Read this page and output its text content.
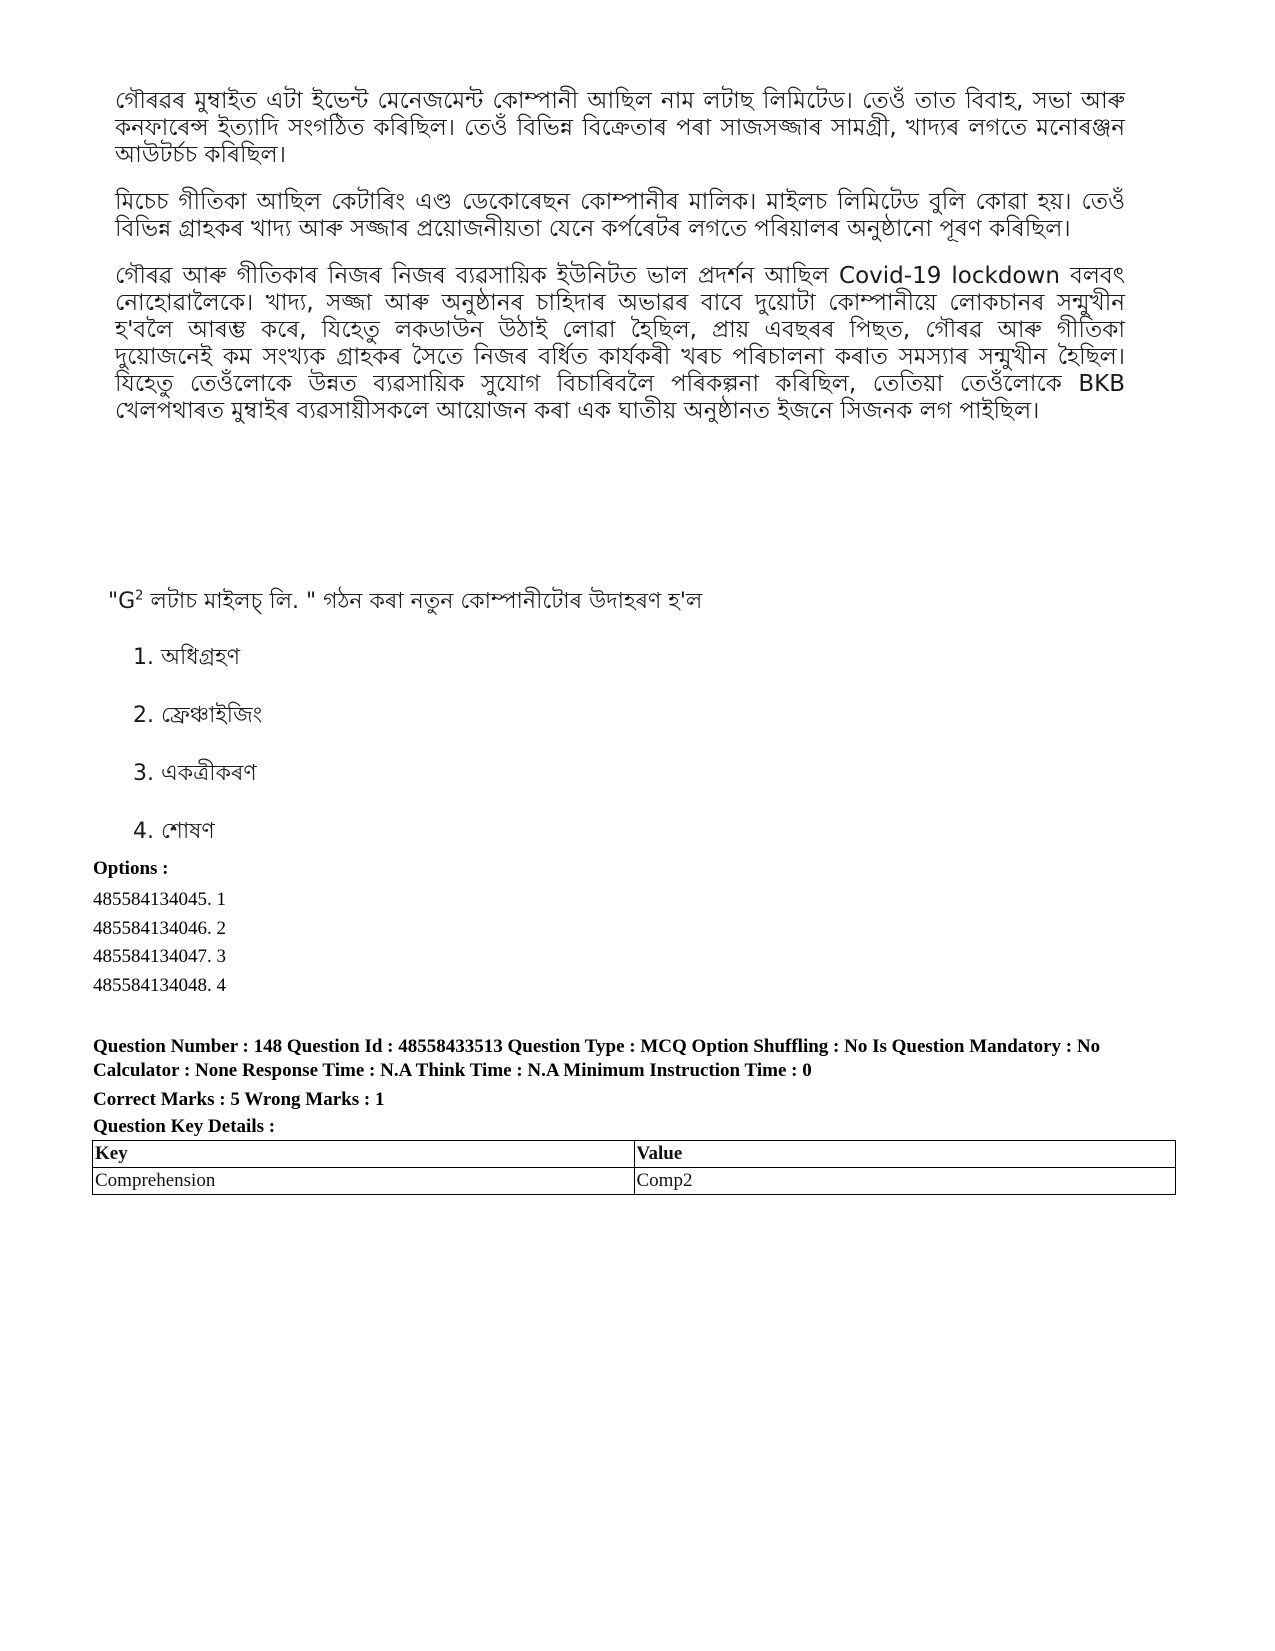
গৌৰৱৰ মুম্বাইত এটা ইভেন্ট মেনেজমেন্ট কোম্পানী আছিল নাম লটাছ লিমিটেড। তেওঁ তাত বিবাহ, সভা আৰু কনফাৰেন্স ইত্যাদি সংগঠিত কৰিছিল। তেওঁ বিভিন্ন বিক্ৰেতাৰ পৰা সাজসজ্জাৰ সামগ্ৰী, খাদ্যৰ লগতে মনোৰঞ্জন আউটৰ্চচ কৰিছিল।

মিচেচ গীতিকা আছিল কেটাৰিং এণ্ড ডেকোৰেছন কোম্পানীৰ মালিক। মাইলচ লিমিটেড বুলি কোৱা হয়। তেওঁ বিভিন্ন গ্ৰাহকৰ খাদ্য আৰু সজ্জাৰ প্ৰয়োজনীয়তা যেনে কৰ্পৰেটৰ লগতে পৰিয়ালৰ অনুষ্ঠানো পূৰণ কৰিছিল।

গৌৰৱ আৰু গীতিকাৰ নিজৰ নিজৰ ব্যৱসায়িক ইউনিটত ভাল প্ৰদৰ্শন আছিল Covid-19 lockdown বলবৎ নোহোৱালৈকে। খাদ্য, সজ্জা আৰু অনুষ্ঠানৰ চাহিদাৰ অভাৱৰ বাবে দুয়োটা কোম্পানীয়ে লোকচানৰ সন্মুখীন হ'বলৈ আৰম্ভ কৰে, যিহেতু লকডাউন উঠাই লোৱা হৈছিল, প্ৰায় এবছৰৰ পিছত, গৌৰৱ আৰু গীতিকা দুয়োজনেই কম সংখ্যক গ্ৰাহকৰ সৈতে নিজৰ বৰ্ধিত কাৰ্যকৰী খৰচ পৰিচালনা কৰাত সমস্যাৰ সন্মুখীন হৈছিল। যিহেতু তেওঁলোকে উন্নত ব্যৱসায়িক সুযোগ বিচাৰিবলৈ পৰিকল্পনা কৰিছিল, তেতিয়া তেওঁলোকে BKB খেলপথাৰত মুম্বাইৰ ব্যৱসায়ীসকলে আয়োজন কৰা এক ঘাতীয় অনুষ্ঠানত ইজনে সিজনক লগ পাইছিল।

"$G^2$ লটাচ মাইলচ্ লি. " গঠন কৰা নতুন কোম্পানীটোৰ উদাহৰণ হ'ল
1. অধিগ্ৰহণ
2. ফ্ৰেঞ্চাইজিং
3. একত্ৰীকৰণ
4. শোষণ
Options :
485584134045. 1
485584134046. 2
485584134047. 3
485584134048. 4
Question Number : 148 Question Id : 48558433513 Question Type : MCQ Option Shuffling : No Is Question Mandatory : No Calculator : None Response Time : N.A Think Time : N.A Minimum Instruction Time : 0
Correct Marks : 5 Wrong Marks : 1
Question Key Details :
Key	Value
Comprehension	Comp2
